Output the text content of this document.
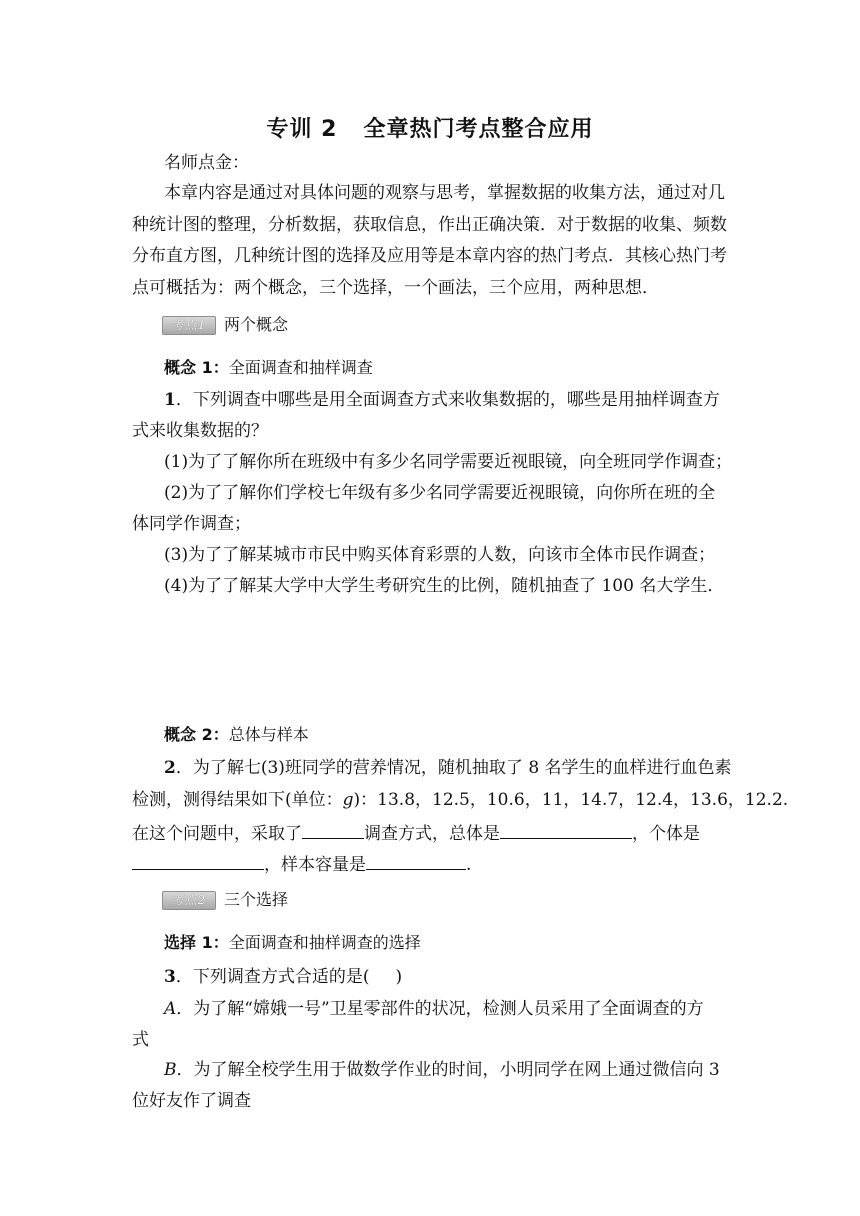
专训 2 全章热门考点整合应用
名师点金：
本章内容是通过对具体问题的观察与思考，掌握数据的收集方法，通过对几
种统计图的整理，分析数据，获取信息，作出正确决策．对于数据的收集、频数
分布直方图，几种统计图的选择及应用等是本章内容的热门考点．其核心热门考
点可概括为：两个概念，三个选择，一个画法，三个应用，两种思想．
考点1 两个概念
概念 1：全面调查和抽样调查
1．下列调查中哪些是用全面调查方式来收集数据的，哪些是用抽样调查方
式来收集数据的？
(1)为了了解你所在班级中有多少名同学需要近视眼镜，向全班同学作调查；
(2)为了了解你们学校七年级有多少名同学需要近视眼镜，向你所在班的全
体同学作调查；
(3)为了了解某城市市民中购买体育彩票的人数，向该市全体市民作调查；
(4)为了了解某大学中大学生考研究生的比例，随机抽查了 100 名大学生．
概念 2：总体与样本
2．为了解七(3)班同学的营养情况，随机抽取了 8 名学生的血样进行血色素
检测，测得结果如下(单位：g)：13.8，12.5，10.6，11，14.7，12.4，13.6，12.2.
在这个问题中，采取了	调查方式，总体是	，个体是
，样本容量是	.
考点2 三个选择
选择 1：全面调查和抽样调查的选择
3．下列调查方式合适的是( )
A．为了解“嫦娥一号”卫星零部件的状况，检测人员采用了全面调查的方
式
B．为了解全校学生用于做数学作业的时间，小明同学在网上通过微信向 3
位好友作了调查
